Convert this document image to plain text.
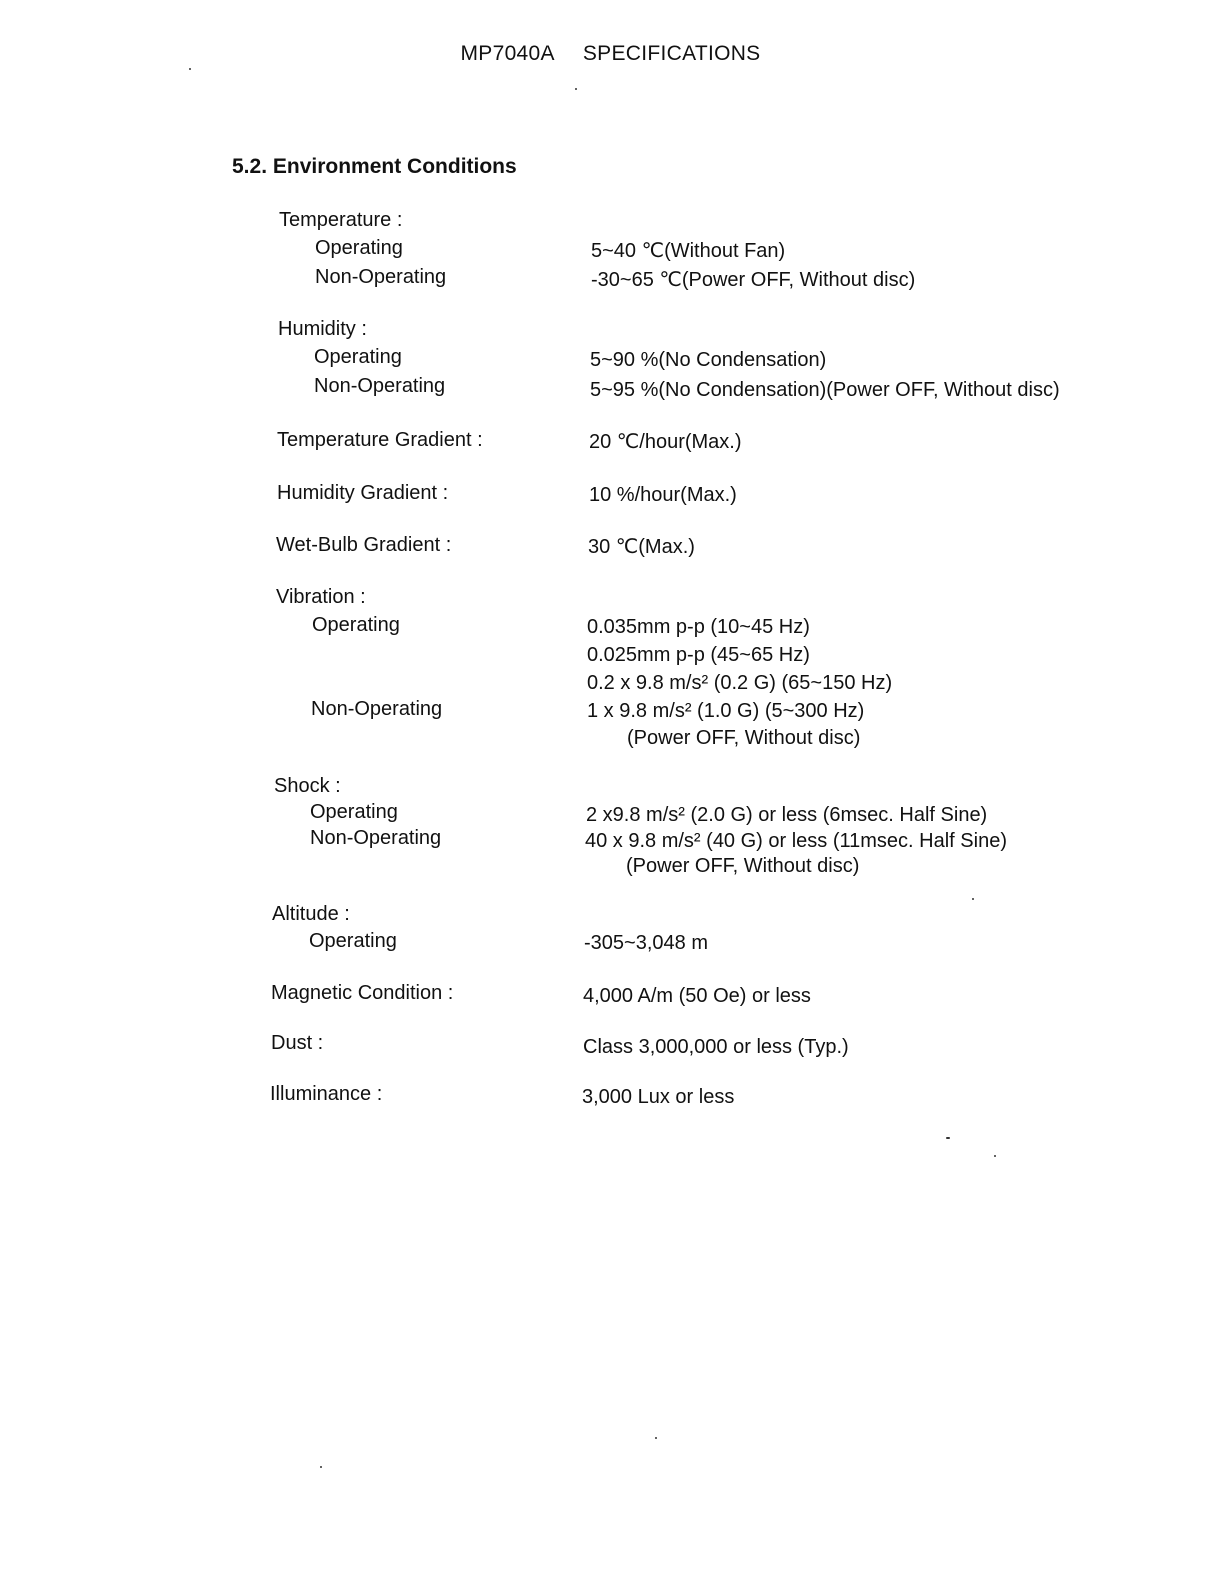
MP7040A SPECIFICATIONS
5.2. Environment Conditions
Temperature :
Operating	5~40 ℃(Without Fan)
Non-Operating	-30~65 ℃(Power OFF, Without disc)
Humidity :
Operating	5~90 %(No Condensation)
Non-Operating	5~95 %(No Condensation)(Power OFF, Without disc)
Temperature Gradient :	20 ℃/hour(Max.)
Humidity Gradient :	10 %/hour(Max.)
Wet-Bulb Gradient :	30 ℃(Max.)
Vibration :
Operating	0.035mm p-p (10~45 Hz)
0.025mm p-p (45~65 Hz)
0.2 x 9.8 m/s² (0.2 G) (65~150 Hz)
Non-Operating	1 x 9.8 m/s² (1.0 G) (5~300 Hz)
(Power OFF, Without disc)
Shock :
Operating	2 x9.8 m/s² (2.0 G) or less (6msec. Half Sine)
Non-Operating	40 x 9.8 m/s² (40 G) or less (11msec. Half Sine)
(Power OFF, Without disc)
Altitude :
Operating	-305~3,048 m
Magnetic Condition :	4,000 A/m (50 Oe) or less
Dust :	Class 3,000,000 or less (Typ.)
Illuminance :	3,000 Lux or less
